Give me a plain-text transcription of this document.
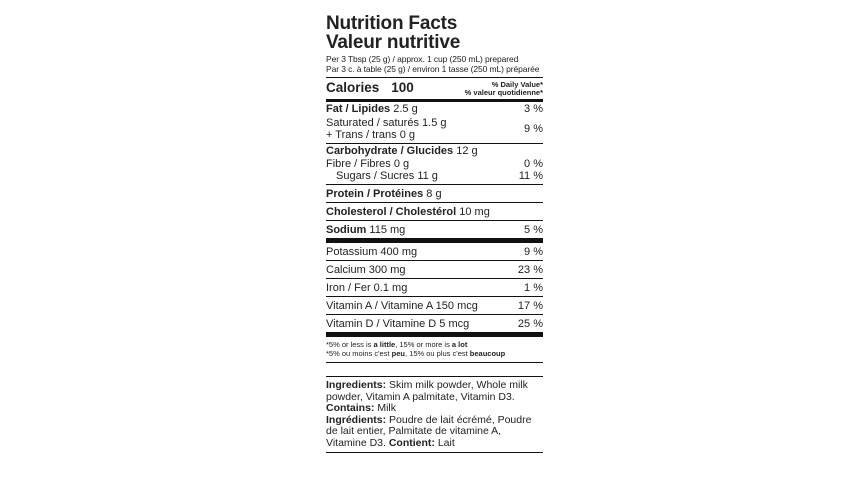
Nutrition Facts
Valeur nutritive
Per 3 Tbsp (25 g) / approx. 1 cup (250 mL) prepared
Par 3 c. à table (25 g) / environ 1 tasse (250 mL) préparée
Calories 100	% Daily Value*
% valeur quotidienne*
Fat / Lipides 2.5 g	3 %
Saturated / saturés 1.5 g
+ Trans / trans 0 g	9 %
Carbohydrate / Glucides 12 g
Fibre / Fibres 0 g	0 %
Sugars / Sucres 11 g	11 %
Protein / Protéines 8 g
Cholesterol / Cholestérol 10 mg
Sodium 115 mg	5 %
Potassium 400 mg	9 %
Calcium 300 mg	23 %
Iron / Fer 0.1 mg	1 %
Vitamin A / Vitamine A 150 mcg	17 %
Vitamin D / Vitamine D 5 mcg	25 %
*5% or less is a little, 15% or more is a lot
*5% ou moins c'est peu, 15% ou plus c'est beaucoup
Ingredients: Skim milk powder, Whole milk powder, Vitamin A palmitate, Vitamin D3. Contains: Milk
Ingrédients: Poudre de lait écrémé, Poudre de lait entier, Palmitate de vitamine A, Vitamine D3. Contient: Lait
